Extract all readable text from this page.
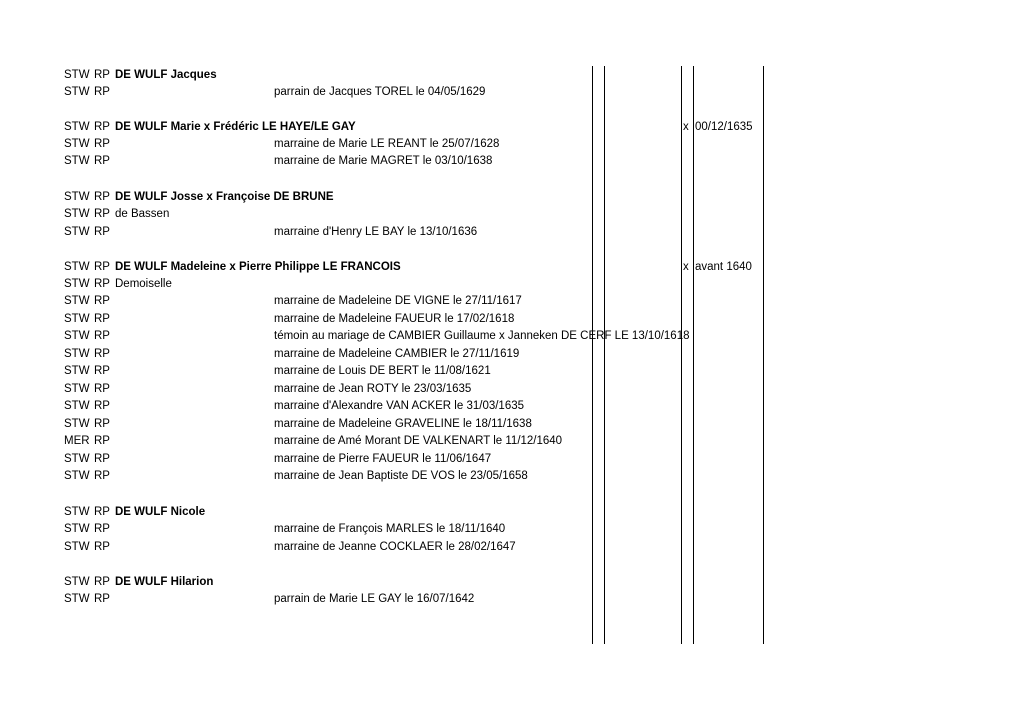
STW RP DE WULF Jacques
STW RP	parrain de Jacques TOREL le 04/05/1629
STW RP DE WULF Marie x Frédéric LE HAYE/LE GAY	x 00/12/1635
STW RP	marraine de Marie LE REANT le 25/07/1628
STW RP	marraine de Marie MAGRET le 03/10/1638
STW RP DE WULF Josse x Françoise DE BRUNE
STW RP de Bassen
STW RP	marraine d'Henry LE BAY le 13/10/1636
STW RP DE WULF Madeleine x Pierre Philippe LE FRANCOIS	x avant 1640
STW RP Demoiselle
STW RP	marraine de Madeleine DE VIGNE le 27/11/1617
STW RP	marraine de Madeleine FAUEUR le 17/02/1618
STW RP	témoin au mariage de CAMBIER Guillaume x Janneken DE CERF LE 13/10/1618
STW RP	marraine de Madeleine CAMBIER le 27/11/1619
STW RP	marraine de Louis DE BERT le 11/08/1621
STW RP	marraine de Jean ROTY le 23/03/1635
STW RP	marraine d'Alexandre VAN ACKER le 31/03/1635
STW RP	marraine de Madeleine GRAVELINE le 18/11/1638
MER RP	marraine de Amé Morant DE VALKENART le 11/12/1640
STW RP	marraine de Pierre FAUEUR le 11/06/1647
STW RP	marraine de Jean Baptiste DE VOS le 23/05/1658
STW RP DE WULF Nicole
STW RP	marraine de François MARLES le 18/11/1640
STW RP	marraine de Jeanne COCKLAER le 28/02/1647
STW RP DE WULF Hilarion
STW RP	parrain de Marie LE GAY le 16/07/1642
